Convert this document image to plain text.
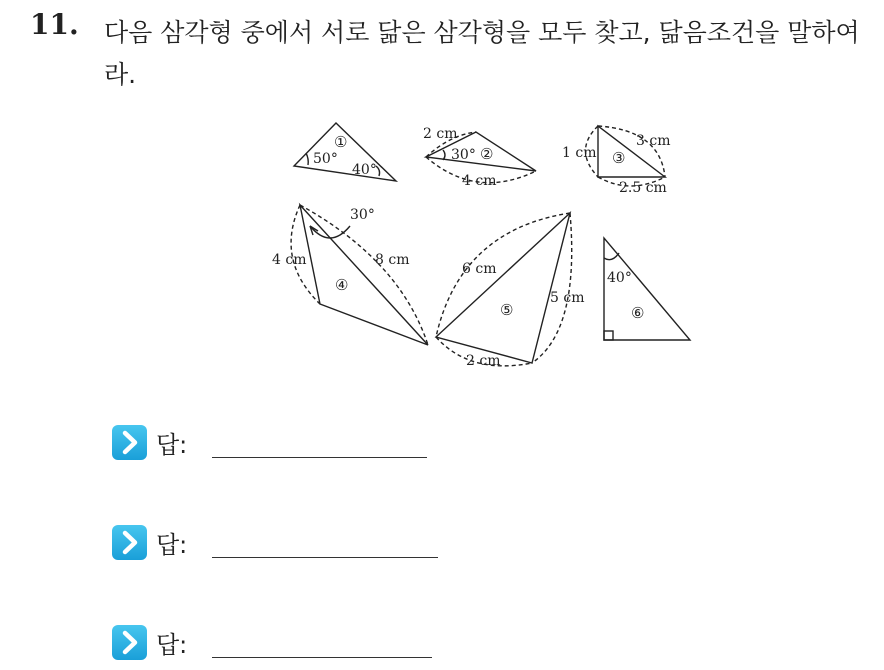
11. 다음 삼각형 중에서 서로 닮은 삼각형을 모두 찾고, 닮음조건을 말하여라.
①
50°
40°
2 cm
30° ②
4 cm
1 cm
3 cm
③
2.5 cm
30°
4 cm	8 cm
④
6 cm
5 cm
⑤
2 cm
40°
⑥
답:
답:
답:
